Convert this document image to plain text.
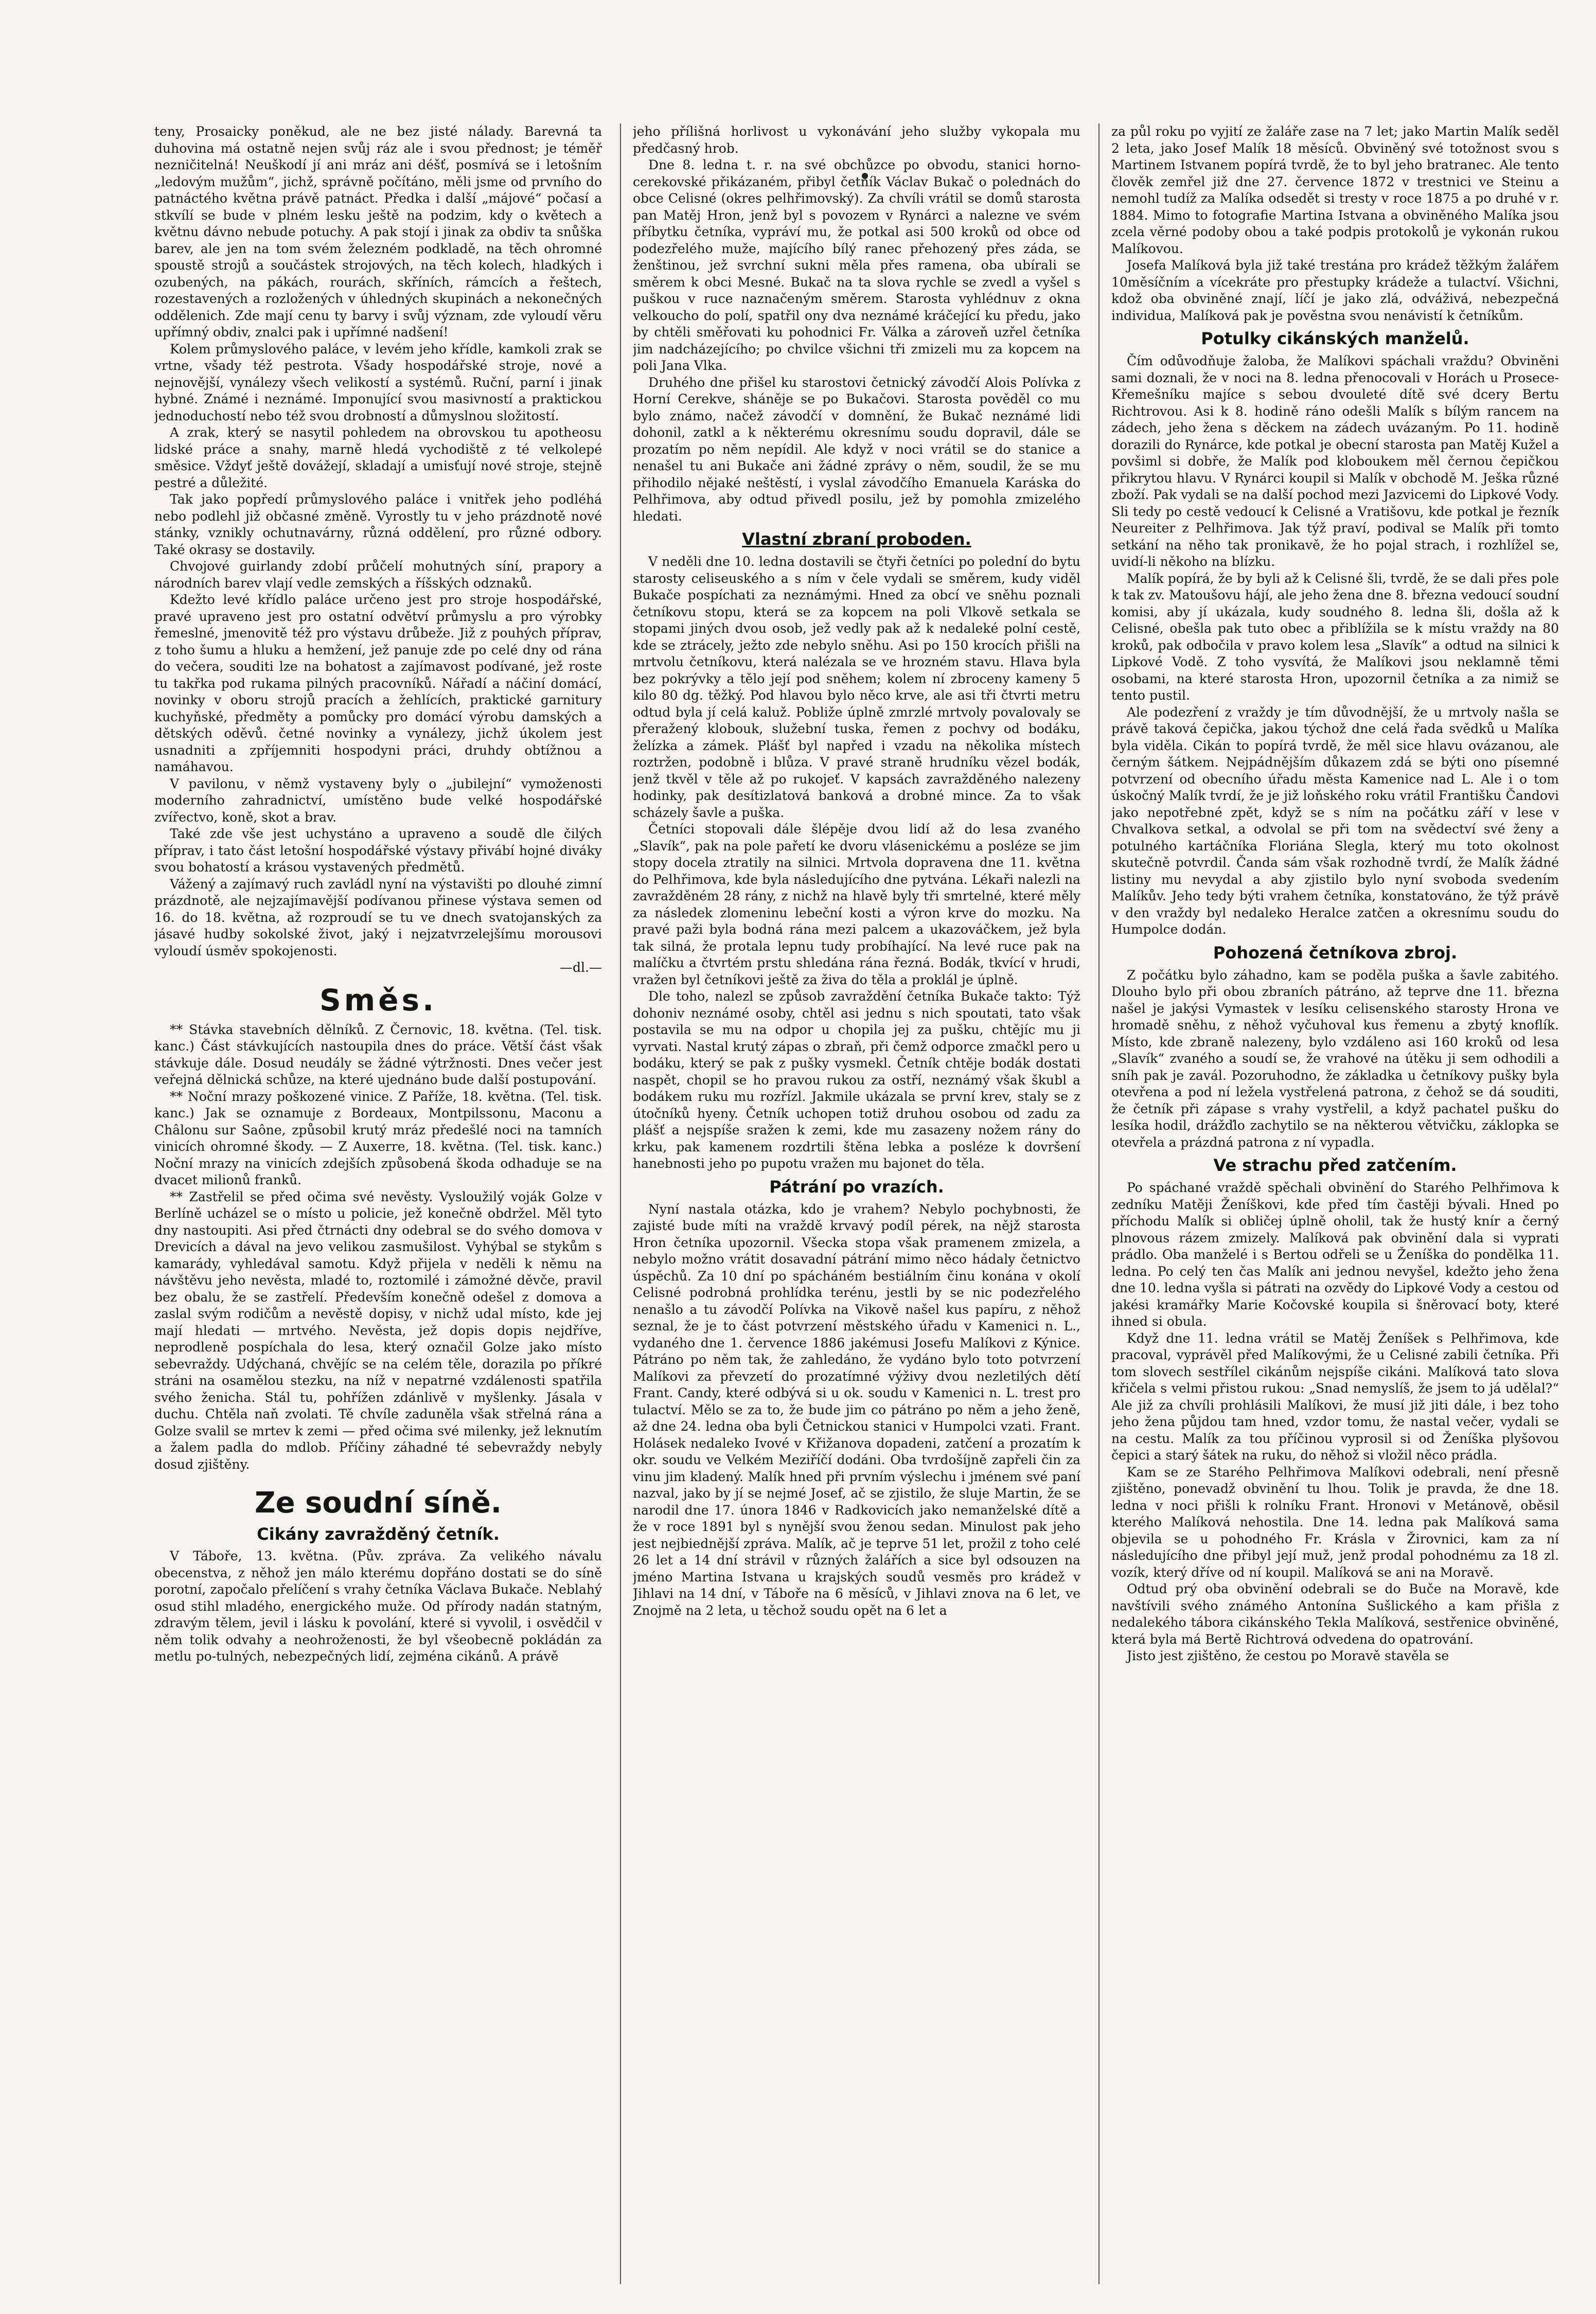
teny, Prosaicky poněkud, ale ne bez jisté nálady. Barevná ta duhovina má ostatně nejen svůj ráz ale i svou přednost; je téměř nezničitelná! Neuškodí jí ani mráz ani déšť, posmívá se i letošním „ledovým mužům“, jichž, správně počítáno, měli jsme od prvního do patnáctého května právě patnáct. Předka i další „májové“ počasí a stkvílí se bude v plném lesku ještě na podzim, kdy o květech a květnu dávno nebude potuchy. A pak stojí i jinak za obdiv ta snůška barev, ale jen na tom svém železném podkladě, na těch ohromné spoustě strojů a součástek strojových, na těch kolech, hladkých i ozubených, na pákách, rourách, skříních, rámcích a řeštech, rozestavených a rozložených v úhledných skupinách a nekonečných oddělenich. Zde mají cenu ty barvy i svůj význam, zde vyloudí věru upřímný obdiv, znalci pak i upřímné nadšení!

Kolem průmyslového paláce, v levém jeho křídle, kamkoli zrak se vrtne, všady též pestrota. Všady hospodářské stroje, nové a nejnovější, vynálezy všech velikostí a systémů. Ruční, parní i jinak hybné. Známé i neznámé. Imponující svou masivností a praktickou jednoduchostí nebo též svou drobností a důmyslnou složitostí.

A zrak, který se nasytil pohledem na obrovskou tu apotheosu lidské práce a snahy, marně hledá vychodiště z té velkolepé směsice. Vždyť ještě dovážejí, skladají a umisťují nové stroje, stejně pestré a důležité.

Tak jako popředí průmyslového paláce i vnitřek jeho podléhá nebo podlehl již občasné změně. Vyrostly tu v jeho prázdnotě nové stánky, vznikly ochutnavárny, různá oddělení, pro různé odbory. Také okrasy se dostavily.

Chvojové guirlandy zdobí průčelí mohutných síní, prapory a národních barev vlají vedle zemských a říšských odznaků.

Kdežto levé křídlo paláce určeno jest pro stroje hospodářské, pravé upraveno jest pro ostatní odvětví průmyslu a pro výrobky řemeslné, jmenovitě též pro výstavu drůbeže. Již z pouhých příprav, z toho šumu a hluku a hemžení, jež panuje zde po celé dny od rána do večera, souditi lze na bohatost a zajímavost podívané, jež roste tu takřka pod rukama pilných pracovníků. Nářadí a náčiní domácí, novinky v oboru strojů pracích a žehlících, praktické garnitury kuchyňské, předměty a pomůcky pro domácí výrobu damských a dětských oděvů. četné novinky a vynálezy, jichž úkolem jest usnadniti a zpříjemniti hospodyni práci, druhdy obtížnou a namáhavou.

V pavilonu, v němž vystaveny byly o „jubilejní“ vymoženosti moderního zahradnictví, umístěno bude velké hospodářské zvířectvo, koně, skot a brav.

Také zde vše jest uchystáno a upraveno a soudě dle čilých příprav, i tato část letošní hospodářské výstavy přivábí hojné diváky svou bohatostí a krásou vystavených předmětů.

Vážený a zajímavý ruch zavládl nyní na výstavišti po dlouhé zimní prázdnotě, ale nejzajímavější podívanou přinese výstava semen od 16. do 18. května, až rozproudí se tu ve dnech svatojanských za jásavé hudby sokolské život, jaký i nejzatvrzelejšímu morousovi vyloudí úsměv spokojenosti.

—dl.—
Směs.

** Stávka stavebních dělníků. Z Černovic, 18. května. (Tel. tisk. kanc.) Část stávkujících nastoupila dnes do práce. Větší část však stávkuje dále. Dosud neudály se žádné výtržnosti. Dnes večer jest veřejná dělnická schůze, na které ujednáno bude další postupování.

** Noční mrazy poškozené vinice. Z Paříže, 18. května. (Tel. tisk. kanc.) Jak se oznamuje z Bordeaux, Montpilssonu, Maconu a Châlonu sur Saône, způsobil krutý mráz předešlé noci na tamních vinicích ohromné škody. — Z Auxerre, 18. května. (Tel. tisk. kanc.) Noční mrazy na vinicích zdejších způsobená škoda odhaduje se na dvacet milionů franků.

** Zastřelil se před očima své nevěsty. Vysloužilý voják Golze v Berlíně ucházel se o místo u policie, jež konečně obdržel. Měl tyto dny nastoupiti. Asi před čtrnácti dny odebral se do svého domova v Drevicích a dával na jevo velikou zasmušilost. Vyhýbal se stykům s kamarády, vyhledával samotu. Když přijela v neděli k němu na návštěvu jeho nevěsta, mladé to, roztomilé i zámožné děvče, pravil bez obalu, že se zastřelí. Především konečně odešel z domova a zaslal svým rodičům a nevěstě dopisy, v nichž udal místo, kde jej mají hledati — mrtvého. Nevěsta, jež dopis dopis nejdříve, neprodleně pospíchala do lesa, který označil Golze jako místo sebevraždy. Udýchaná, chvějíc se na celém těle, dorazila po příkré stráni na osamělou stezku, na níž v nepatrné vzdálenosti spatřila svého ženicha. Stál tu, pohřížen zdánlivě v myšlenky. Jásala v duchu. Chtěla naň zvolati. Tě chvíle zaduněla však střelná rána a Golze svalil se mrtev k zemi — před očima své milenky, jež leknutím a žalem padla do mdlob. Příčiny záhadné té sebevraždy nebyly dosud zjištěny.

Ze soudní síně.
Cikány zavražděný četník.

V Táboře, 13. května. (Pův. zpráva. Za velikého návalu obecenstva, z něhož jen málo kterému dopřáno dostati se do síně porotní, započalo přelíčení s vrahy četníka Václava Bukače. Neblahý osud stihl mladého, energického muže. Od přírody nadán statným, zdravým tělem, jevil i lásku k povolání, které si vyvolil, i osvědčil v něm tolik odvahy a neohroženosti, že byl všeobecně pokládán za metlu po-tulných, nebezpečných lidí, zejména cikánů. A právě

jeho přílišná horlivost u vykonávání jeho služby vykopala mu předčasný hrob.

Dne 8. ledna t. r. na své obchůzce po obvodu, stanici horno-cerekovské přikázaném, přibyl četník Václav Bukač o polednách do obce Celisné (okres pelhřimovský). Za chvíli vrátil se domů starosta pan Matěj Hron, jenž byl s povozem v Rynárci a nalezne ve svém příbytku četníka, vypráví mu, že potkal asi 500 kroků od obce od podezřelého muže, majícího bílý ranec přehozený přes záda, se ženštinou, jež svrchní sukni měla přes ramena, oba ubírali se směrem k obci Mesné. Bukač na ta slova rychle se zvedl a vyšel s puškou v ruce naznačeným směrem. Starosta vyhlédnuv z okna velkoucho do polí, spatřil ony dva neznámé kráčející ku předu, jako by chtěli směřovati ku pohodnici Fr. Válka a zároveň uzřel četníka jim nadcházejícího; po chvilce všichni tři zmizeli mu za kopcem na poli Jana Vlka.

Druhého dne přišel ku starostovi četnický závodčí Alois Polívka z Horní Cerekve, sháněje se po Bukačovi. Starosta pověděl co mu bylo známo, načež závodčí v domnění, že Bukač neznámé lidi dohonil, zatkl a k některému okresnímu soudu dopravil, dále se prozatím po něm nepídil. Ale když v noci vrátil se do stanice a nenašel tu ani Bukače ani žádné zprávy o něm, soudil, že se mu přihodilo nějaké neštěstí, i vyslal závodčího Emanuela Karáska do Pelhřimova, aby odtud přivedl posilu, jež by pomohla zmizelého hledati.

Vlastní zbraní proboden.

V neděli dne 10. ledna dostavili se čtyři četníci po polední do bytu starosty celiseuského a s ním v čele vydali se směrem, kudy viděl Bukače pospíchati za neznámými. Hned za obcí ve sněhu poznali četníkovu stopu, která se za kopcem na poli Vlkově setkala se stopami jiných dvou osob, jež vedly pak až k nedaleké polní cestě, kde se ztrácely, ježto zde nebylo sněhu. Asi po 150 krocích přišli na mrtvolu četníkovu, která nalézala se ve hrozném stavu. Hlava byla bez pokrývky a tělo její pod sněhem; kolem ní zbroceny kameny 5 kilo 80 dg. těžký. Pod hlavou bylo něco krve, ale asi tři čtvrti metru odtud byla jí celá kaluž. Pobliže úplně zmrzlé mrtvoly povalovaly se přeražený klobouk, služební tuska, řemen z pochvy od bodáku, želízka a zámek. Plášť byl napřed i vzadu na několika místech roztržen, podobně i blůza. V pravé straně hrudníku vězel bodák, jenž tkvěl v těle až po rukojeť. V kapsách zavražděného nalezeny hodinky, pak desítizlatová banková a drobné mince. Za to však scházely šavle a puška.

Četníci stopovali dále šlépěje dvou lidí až do lesa zvaného „Slavík“, pak na pole pařetí ke dvoru vlásenickému a posléze se jim stopy docela ztratily na silnici. Mrtvola dopravena dne 11. května do Pelhřimova, kde byla následujícího dne pytvána. Lékaři nalezli na zavražděném 28 rány, z nichž na hlavě byly tři smrtelné, které měly za následek zlomeninu lebeční kosti a výron krve do mozku. Na pravé paži byla bodná rána mezi palcem a ukazováčkem, jež byla tak silná, že protala lepnu tudy probíhající. Na levé ruce pak na malíčku a čtvrtém prstu shledána rána řezná. Bodák, tkvící v hrudi, vražen byl četníkovi ještě za živa do těla a proklál je úplně.

Dle toho, nalezl se způsob zavraždění četníka Bukače takto: Týž dohoniv neznámé osoby, chtěl asi jednu s nich spoutati, tato však postavila se mu na odpor u chopila jej za pušku, chtějíc mu ji vyrvati. Nastal krutý zápas o zbraň, při čemž odporce zmačkl pero u bodáku, který se pak z pušky vysmekl. Četník chtěje bodák dostati naspět, chopil se ho pravou rukou za ostří, neznámý však škubl a bodákem ruku mu rozřízl. Jakmile ukázala se první krev, staly se z útočníků hyeny. Četník uchopen totiž druhou osobou od zadu za plášť a nejspíše sražen k zemi, kde mu zasazeny nožem rány do krku, pak kamenem rozdrtili štěna lebka a posléze k dovršení hanebnosti jeho po pupotu vražen mu bajonet do těla.

Pátrání po vrazích.

Nyní nastala otázka, kdo je vrahem? Nebylo pochybnosti, že zajisté bude míti na vraždě krvavý podíl pérek, na nějž starosta Hron četníka upozornil. Všecka stopa však pramenem zmizela, a nebylo možno vrátit dosavadní pátrání mimo něco hádaly četnictvo úspěchů. Za 10 dní po spácháném bestiálním činu konána v okolí Celisné podrobná prohlídka terénu, jestli by se nic podezřelého nenašlo a tu závodčí Polívka na Vikově našel kus papíru, z něhož seznal, že je to část potvrzení městského úřadu v Kamenici n. L., vydaného dne 1. července 1886 jakémusi Josefu Malíkovi z Kýnice. Pátráno po něm tak, že zahledáno, že vydáno bylo toto potvrzení Malíkovi za převzetí do prozatímné výživy dvou nezletilých dětí Frant. Candy, které odbývá si u ok. soudu v Kamenici n. L. trest pro tulactví. Mělo se za to, že bude jim co pátráno po něm a jeho ženě, až dne 24. ledna oba byli Četnickou stanici v Humpolci vzati. Frant. Holásek nedaleko Ivové v Křižanova dopadeni, zatčení a prozatím k okr. soudu ve Velkém Meziříčí dodáni. Oba tvrdošíjně zapřeli čin za vinu jim kladený. Malík hned při prvním výslechu i jménem své paní nazval, jako by jí se nejmé Josef, ač se zjistilo, že sluje Martin, že se narodil dne 17. února 1846 v Radkovicích jako nemanželské dítě a že v roce 1891 byl s nynější svou ženou sedan. Minulost pak jeho jest nejbiednější zpráva. Malík, ač je teprve 51 let, prožil z toho celé 26 let a 14 dní strávil v různých žalářích a sice byl odsouzen na jméno Martina Istvana u krajských soudů vesměs pro krádež v Jihlavi na 14 dní, v Táboře na 6 měsíců, v Jihlavi znova na 6 let, ve Znojmě na 2 leta, u těchož soudu opět na 6 let a

za půl roku po vyjití ze žaláře zase na 7 let; jako Martin Malík seděl 2 leta, jako Josef Malík 18 měsíců. Obviněný své totožnost svou s Martinem Istvanem popírá tvrdě, že to byl jeho bratranec. Ale tento člověk zemřel již dne 27. července 1872 v trestnici ve Steinu a nemohl tudíž za Malíka odsedět si tresty v roce 1875 a po druhé v r. 1884. Mimo to fotografie Martina Istvana a obviněného Malíka jsou zcela věrné podoby obou a také podpis protokolů je vykonán rukou Malíkovou.

Josefa Malíková byla již také trestána pro krádež těžkým žalářem 10měsíčním a vícekráte pro přestupky krádeže a tulactví. Všichni, kdož oba obviněné znají, líčí je jako zlá, odváživá, nebezpečná individua, Malíková pak je pověstna svou nenávistí k četníkům.

Potulky cikánských manželů.

Čím odůvodňuje žaloba, že Malíkovi spáchali vraždu? Obviněni sami doznali, že v noci na 8. ledna přenocovali v Horách u Prosece-Křemešníku majíce s sebou dvouleté dítě své dcery Bertu Richtrovou. Asi k 8. hodině ráno odešli Malík s bílým rancem na zádech, jeho žena s děckem na zádech uvázaným. Po 11. hodině dorazili do Rynárce, kde potkal je obecní starosta pan Matěj Kužel a povšiml si dobře, že Malík pod kloboukem měl černou čepičkou přikrytou hlavu. V Rynárci koupil si Malík v obchodě M. Ješka různé zboží. Pak vydali se na další pochod mezi Jazvicemi do Lipkové Vody. Sli tedy po cestě vedoucí k Celisné a Vratišovu, kde potkal je řezník Neureiter z Pelhřimova. Jak týž praví, podival se Malík při tomto setkání na něho tak pronikavě, že ho pojal strach, i rozhlížel se, uvidí-li někoho na blízku.

Malík popírá, že by byli až k Celisné šli, tvrdě, že se dali přes pole k tak zv. Matoušovu hájí, ale jeho žena dne 8. března vedoucí soudní komisi, aby jí ukázala, kudy soudného 8. ledna šli, došla až k Celisné, obešla pak tuto obec a přiblížila se k místu vraždy na 80 kroků, pak odbočila v pravo kolem lesa „Slavík“ a odtud na silnici k Lipkové Vodě. Z toho vysvítá, že Malíkovi jsou neklamně těmi osobami, na které starosta Hron, upozornil četníka a za nimiž se tento pustil.

Ale podezření z vraždy je tím důvodnější, že u mrtvoly našla se právě taková čepička, jakou týchož dne celá řada svědků u Malíka byla viděla. Cikán to popírá tvrdě, že měl sice hlavu ovázanou, ale černým šátkem. Nejpádnějším důkazem zdá se býti ono písemné potvrzení od obecního úřadu města Kamenice nad L. Ale i o tom úskočný Malík tvrdí, že je již loňského roku vrátil Františku Čandovi jako nepotřebné zpět, když se s ním na počátku září v lese v Chvalkova setkal, a odvolal se při tom na svědectví své ženy a potulného kartáčníka Floriána Slegla, který mu toto okolnost skutečně potvrdil. Čanda sám však rozhodně tvrdí, že Malík žádné listiny mu nevydal a aby zjistilo bylo nyní svoboda svedením Malíkův. Jeho tedy býti vrahem četníka, konstatováno, že týž právě v den vraždy byl nedaleko Heralce zatčen a okresnímu soudu do Humpolce dodán.

Pohozená četníkova zbroj.

Z počátku bylo záhadno, kam se poděla puška a šavle zabitého. Dlouho bylo při obou zbraních pátráno, až teprve dne 11. března našel je jakýsi Vymastek v lesíku celisenského starosty Hrona ve hromadě sněhu, z něhož vyčuhoval kus řemenu a zbytý knoflík. Místo, kde zbraně nalezeny, bylo vzdáleno asi 160 kroků od lesa „Slavík“ zvaného a soudí se, že vrahové na útěku ji sem odhodili a sníh pak je zavál. Pozoruhodno, že základka u četníkovy pušky byla otevřena a pod ní ležela vystřelená patrona, z čehož se dá souditi, že četník při zápase s vrahy vystřelil, a když pachatel pušku do lesíka hodil, drážďlo zachytilo se na některou větvičku, záklopka se otevřela a prázdná patrona z ní vypadla.

Ve strachu před zatčením.

Po spáchané vraždě spěchali obvinění do Starého Pelhřimova k zedníku Matěji Ženíškovi, kde před tím častěji bývali. Hned po příchodu Malík si obličej úplně oholil, tak že hustý knír a černý plnovous rázem zmizely. Malíková pak obvinění dala si vyprati prádlo. Oba manželé i s Bertou odřeli se u Ženíška do pondělka 11. ledna. Po celý ten čas Malík ani jednou nevyšel, kdežto jeho žena dne 10. ledna vyšla si pátrati na ozvědy do Lipkové Vody a cestou od jakési kramářky Marie Kočovské koupila si šněrovací boty, které ihned si obula.

Když dne 11. ledna vrátil se Matěj Ženíšek s Pelhřimova, kde pracoval, vyprávěl před Malíkovými, že u Celisné zabili četníka. Při tom slovech sestřílel cikánům nejspíše cikáni. Malíková tato slova křičela s velmi přistou rukou: „Snad nemyslíš, že jsem to já udělal?“ Ale již za chvíli prohlásili Malíkovi, že musí již jiti dále, i bez toho jeho žena půjdou tam hned, vzdor tomu, že nastal večer, vydali se na cestu. Malík za tou příčinou vyprosil si od Ženíška plyšovou čepici a starý šátek na ruku, do něhož si vložil něco prádla.

Kam se ze Starého Pelhřimova Malíkovi odebrali, není přesně zjištěno, ponevadž obvinění tu lhou. Tolik je pravda, že dne 18. ledna v noci přišli k rolníku Frant. Hronovi v Metánově, oběsil kterého Malíková nehostila. Dne 14. ledna pak Malíková sama objevila se u pohodného Fr. Krásla v Žirovnici, kam za ní následujícího dne přibyl její muž, jenž prodal pohodnému za 18 zl. vozík, který dříve od ní koupil. Malíková se ani na Moravě.

Odtud prý oba obvinění odebrali se do Buče na Moravě, kde navštívili svého známého Antonína Sušlického a kam přišla z nedalekého tábora cikánského Tekla Malíková, sestřenice obviněné, která byla má Bertě Richtrová odvedena do opatrování.

Jisto jest zjištěno, že cestou po Moravě stavěla se
